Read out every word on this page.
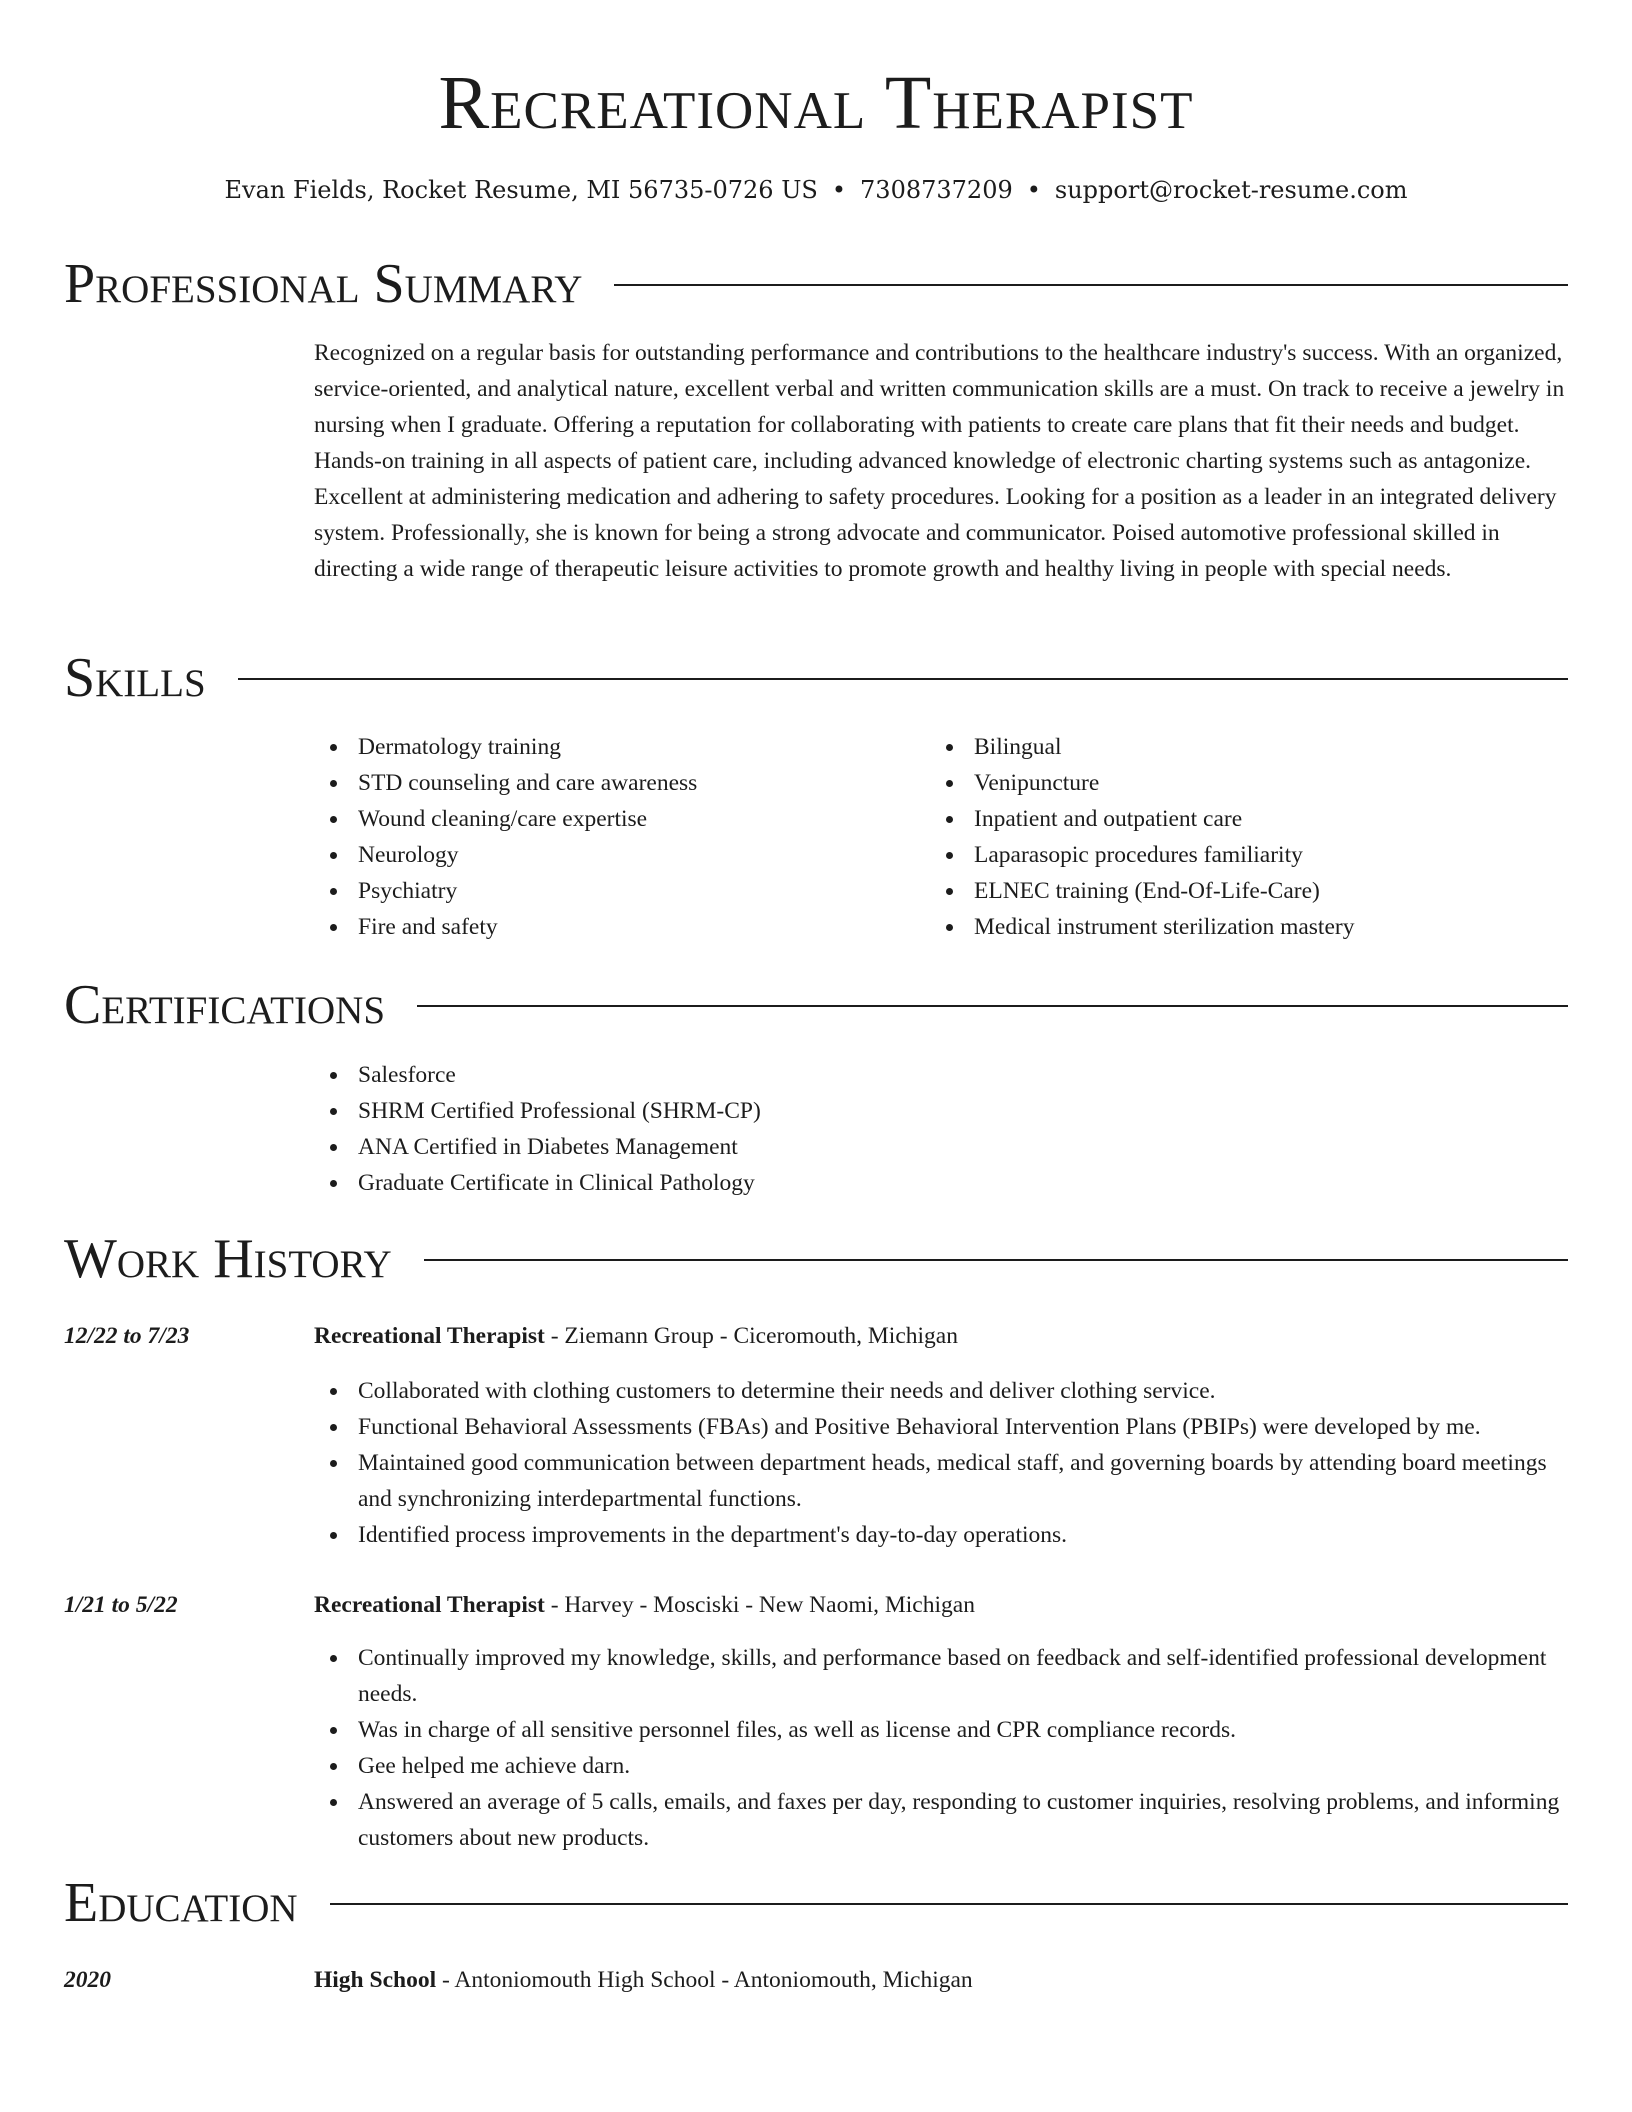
Recreational Therapist
Evan Fields, Rocket Resume, MI 56735-0726 US • 7308737209 • support@rocket-resume.com
Professional Summary
Recognized on a regular basis for outstanding performance and contributions to the healthcare industry's success. With an organized, service-oriented, and analytical nature, excellent verbal and written communication skills are a must. On track to receive a jewelry in nursing when I graduate. Offering a reputation for collaborating with patients to create care plans that fit their needs and budget. Hands-on training in all aspects of patient care, including advanced knowledge of electronic charting systems such as antagonize. Excellent at administering medication and adhering to safety procedures. Looking for a position as a leader in an integrated delivery system. Professionally, she is known for being a strong advocate and communicator. Poised automotive professional skilled in directing a wide range of therapeutic leisure activities to promote growth and healthy living in people with special needs.
Skills
Dermatology training
STD counseling and care awareness
Wound cleaning/care expertise
Neurology
Psychiatry
Fire and safety
Bilingual
Venipuncture
Inpatient and outpatient care
Laparasopic procedures familiarity
ELNEC training (End-Of-Life-Care)
Medical instrument sterilization mastery
Certifications
Salesforce
SHRM Certified Professional (SHRM-CP)
ANA Certified in Diabetes Management
Graduate Certificate in Clinical Pathology
Work History
12/22 to 7/23	Recreational Therapist - Ziemann Group - Ciceromouth, Michigan
Collaborated with clothing customers to determine their needs and deliver clothing service.
Functional Behavioral Assessments (FBAs) and Positive Behavioral Intervention Plans (PBIPs) were developed by me.
Maintained good communication between department heads, medical staff, and governing boards by attending board meetings and synchronizing interdepartmental functions.
Identified process improvements in the department's day-to-day operations.
1/21 to 5/22	Recreational Therapist - Harvey - Mosciski - New Naomi, Michigan
Continually improved my knowledge, skills, and performance based on feedback and self-identified professional development needs.
Was in charge of all sensitive personnel files, as well as license and CPR compliance records.
Gee helped me achieve darn.
Answered an average of 5 calls, emails, and faxes per day, responding to customer inquiries, resolving problems, and informing customers about new products.
Education
2020	High School - Antoniomouth High School - Antoniomouth, Michigan
